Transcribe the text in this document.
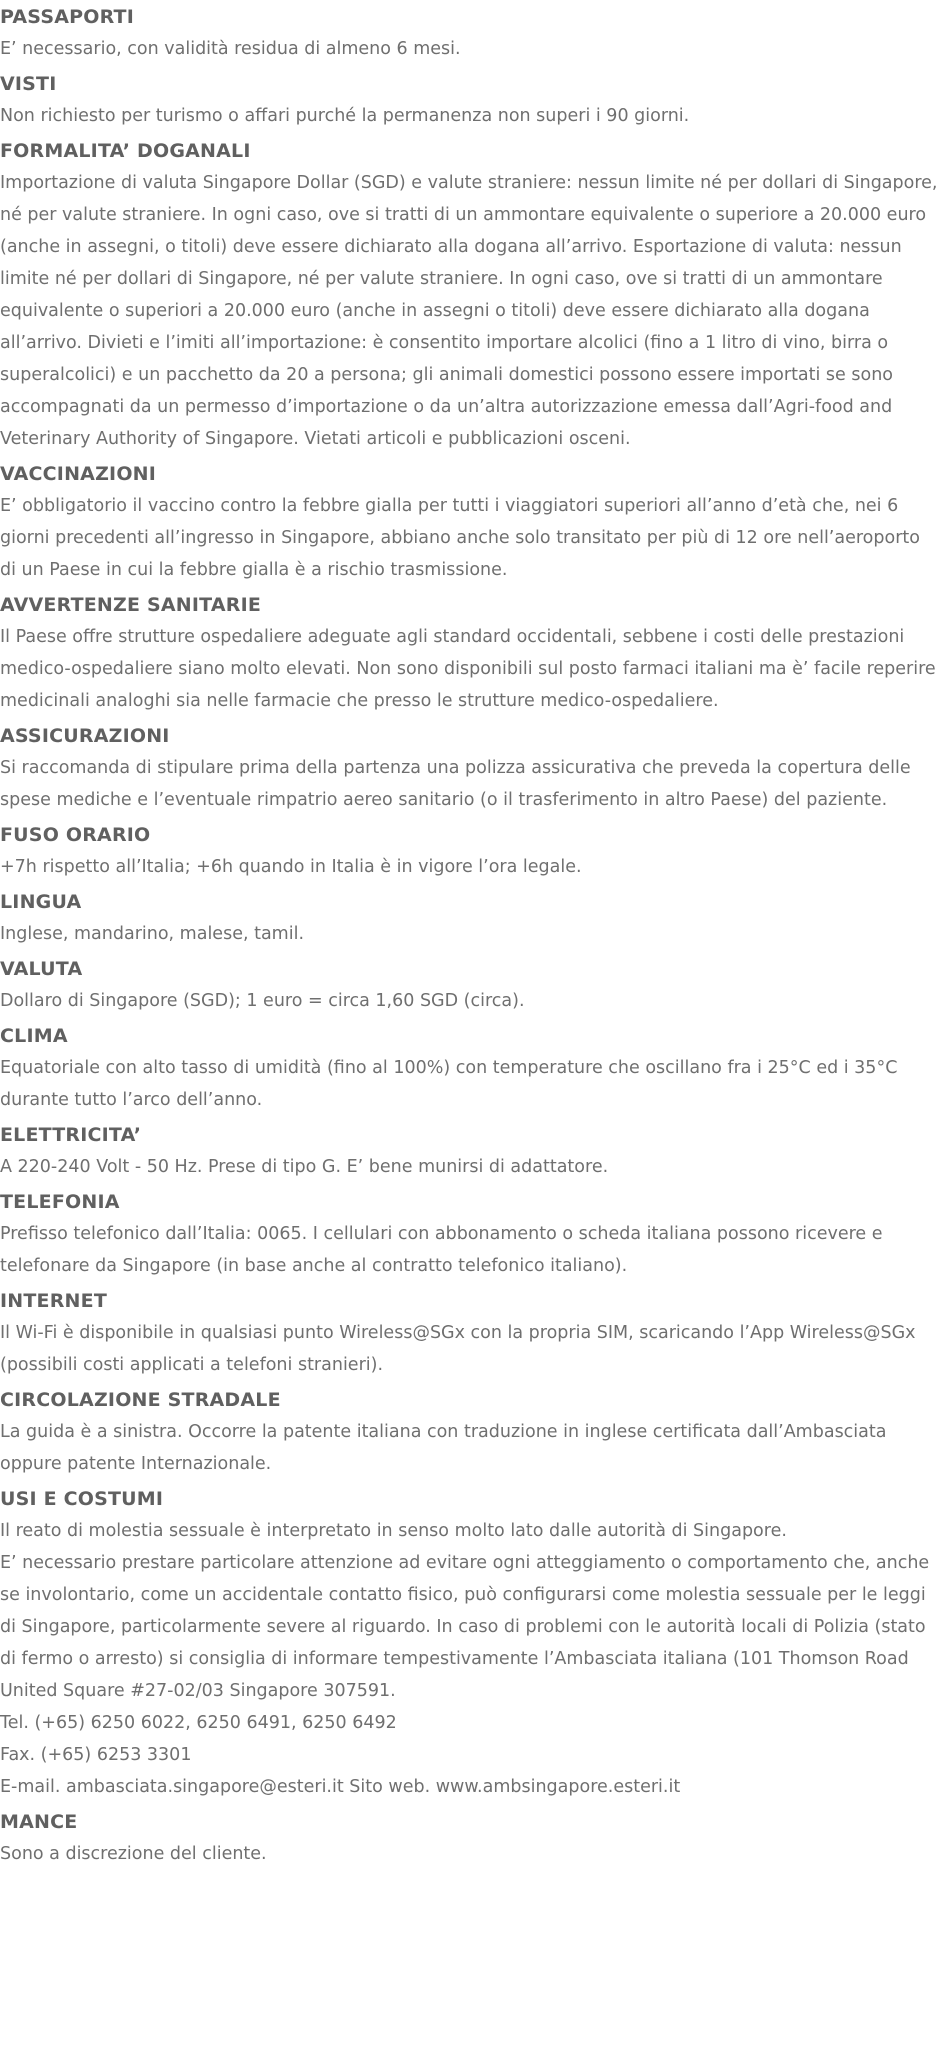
PASSAPORTI

E’ necessario, con validità residua di almeno 6 mesi.

VISTI

Non richiesto per turismo o affari purché la permanenza non superi i 90 giorni.

FORMALITA’ DOGANALI

Importazione di valuta Singapore Dollar (SGD) e valute straniere: nessun limite né per dollari di Singapore, né per valute straniere. In ogni caso, ove si tratti di un ammontare equivalente o superiore a 20.000 euro (anche in assegni, o titoli) deve essere dichiarato alla dogana all’arrivo. Esportazione di valuta: nessun limite né per dollari di Singapore, né per valute straniere. In ogni caso, ove si tratti di un ammontare equivalente o superiori a 20.000 euro (anche in assegni o titoli) deve essere dichiarato alla dogana all’arrivo. Divieti e l’imiti all’importazione: è consentito importare alcolici (fino a 1 litro di vino, birra o superalcolici) e un pacchetto da 20 a persona; gli animali domestici possono essere importati se sono accompagnati da un permesso d’importazione o da un’altra autorizzazione emessa dall’Agri-food and Veterinary Authority of Singapore. Vietati articoli e pubblicazioni osceni.

VACCINAZIONI

E’ obbligatorio il vaccino contro la febbre gialla per tutti i viaggiatori superiori all’anno d’età che, nei 6 giorni precedenti all’ingresso in Singapore, abbiano anche solo transitato per più di 12 ore nell’aeroporto di un Paese in cui la febbre gialla è a rischio trasmissione.

AVVERTENZE SANITARIE

Il Paese offre strutture ospedaliere adeguate agli standard occidentali, sebbene i costi delle prestazioni medico-ospedaliere siano molto elevati. Non sono disponibili sul posto farmaci italiani ma è’ facile reperire medicinali analoghi sia nelle farmacie che presso le strutture medico-ospedaliere.

ASSICURAZIONI

Si raccomanda di stipulare prima della partenza una polizza assicurativa che preveda la copertura delle spese mediche e l’eventuale rimpatrio aereo sanitario (o il trasferimento in altro Paese) del paziente.

FUSO ORARIO

+7h rispetto all’Italia; +6h quando in Italia è in vigore l’ora legale.

LINGUA

Inglese, mandarino, malese, tamil.

VALUTA

Dollaro di Singapore (SGD); 1 euro = circa 1,60 SGD (circa).

CLIMA

Equatoriale con alto tasso di umidità (fino al 100%) con temperature che oscillano fra i 25°C ed i 35°C durante tutto l’arco dell’anno.

ELETTRICITA’

A 220-240 Volt - 50 Hz. Prese di tipo G. E’ bene munirsi di adattatore.

TELEFONIA

Prefisso telefonico dall’Italia: 0065. I cellulari con abbonamento o scheda italiana possono ricevere e telefonare da Singapore (in base anche al contratto telefonico italiano).

INTERNET

Il Wi-Fi è disponibile in qualsiasi punto Wireless@SGx con la propria SIM, scaricando l’App Wireless@SGx (possibili costi applicati a telefoni stranieri).

CIRCOLAZIONE STRADALE

La guida è a sinistra. Occorre la patente italiana con traduzione in inglese certificata dall’Ambasciata oppure patente Internazionale.

USI E COSTUMI

Il reato di molestia sessuale è interpretato in senso molto lato dalle autorità di Singapore.

E’ necessario prestare particolare attenzione ad evitare ogni atteggiamento o comportamento che, anche se involontario, come un accidentale contatto fisico, può configurarsi come molestia sessuale per le leggi di Singapore, particolarmente severe al riguardo. In caso di problemi con le autorità locali di Polizia (stato di fermo o arresto) si consiglia di informare tempestivamente l’Ambasciata italiana (101 Thomson Road United Square #27-02/03 Singapore 307591.

Tel. (+65) 6250 6022, 6250 6491, 6250 6492

Fax. (+65) 6253 3301

E-mail. ambasciata.singapore@esteri.it Sito web. www.ambsingapore.esteri.it

MANCE

Sono a discrezione del cliente.
